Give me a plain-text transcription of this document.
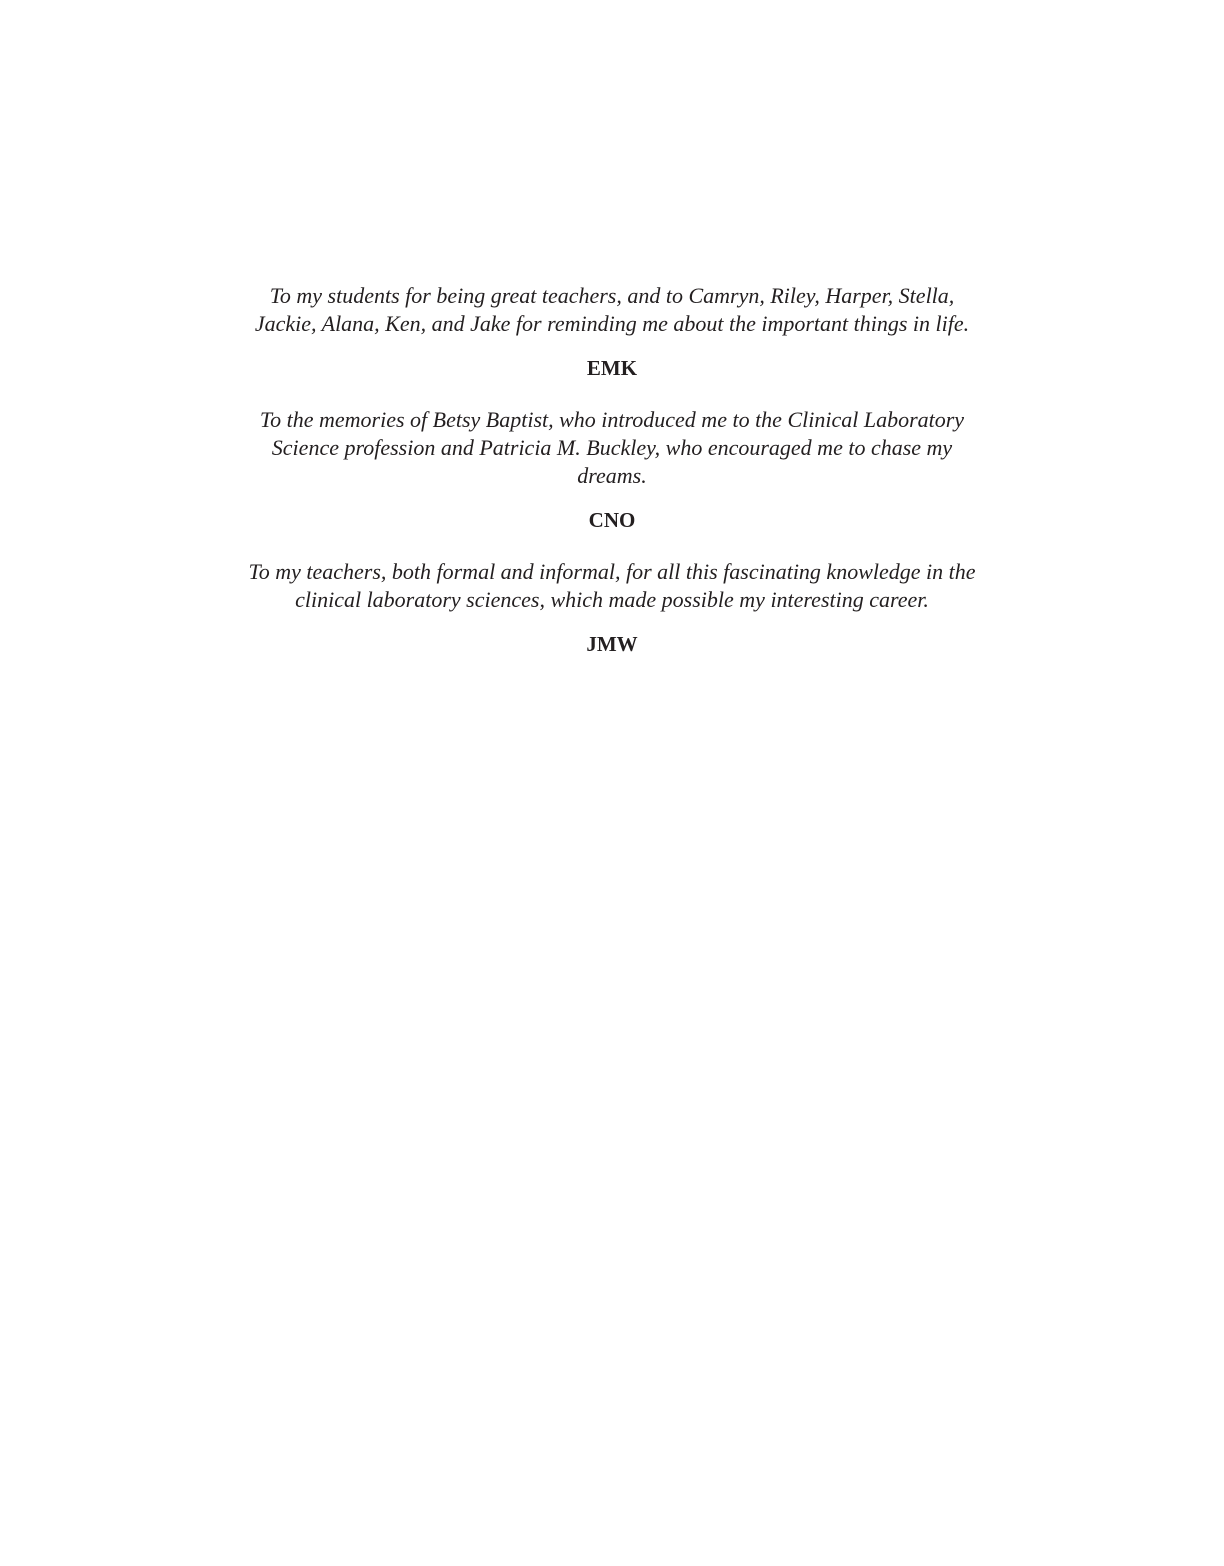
To my students for being great teachers, and to Camryn, Riley, Harper, Stella,
Jackie, Alana, Ken, and Jake for reminding me about the important things in life.

EMK

To the memories of Betsy Baptist, who introduced me to the Clinical Laboratory
Science profession and Patricia M. Buckley, who encouraged me to chase my
dreams.

CNO

To my teachers, both formal and informal, for all this fascinating knowledge in the
clinical laboratory sciences, which made possible my interesting career.

JMW
